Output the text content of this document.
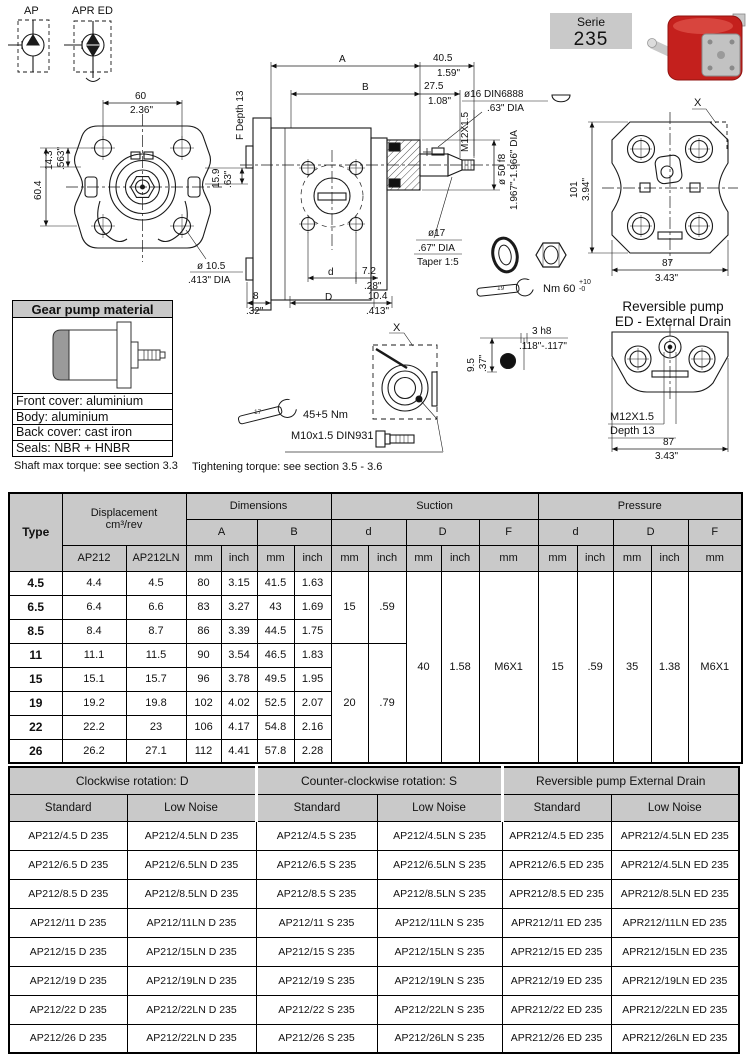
AP	APR ED
60
2.36"
14.3 .563"
60.4
ø 10.5
.413" DIA
15.9 .63"
F Depth 13
A	40.5
1.59"
B	27.5
1.08"
ø16 DIN6888
.63" DIA
M12X1.5
ø 50 f8 1.967"-1.966" DIA
ø17
.67" DIA
Taper 1:5
d	7.2
.28"
D	10.4
.413"
8
.32"
19	Nm 60
+10
-0
X
101 3.94"
87
3.43"
Reversible pump
ED - External Drain
M12X1.5
Depth 13
87
3.43"
X	3 h8
.118"-.117"
9.5 .37"
17	45+5 Nm
M10x1.5 DIN931
Shaft max torque: see section 3.3 Tightening torque: see section 3.5 - 3.6
Serie
235
Gear pump material
Front cover: aluminium
Body: aluminium
Back cover: cast iron
Seals: NBR + HNBR
Type	Displacement
cm³/rev		Dimensions				Suction					Pressure				
			A		B		d		D		F	d		D		F
	AP212	AP212LN	mm	inch	mm	inch	mm	inch	mm	inch	mm	mm	inch	mm	inch	mm
4.5	4.4	4.5	80	3.15	41.5	1.63	15	.59	40	1.58	M6X1	15	.59	35	1.38	M6X1
6.5	6.4	6.6	83	3.27	43	1.69										
8.5	8.4	8.7	86	3.39	44.5	1.75										
11	11.1	11.5	90	3.54	46.5	1.83	20	.79								
15	15.1	15.7	96	3.78	49.5	1.95										
19	19.2	19.8	102	4.02	52.5	2.07										
22	22.2	23	106	4.17	54.8	2.16										
26	26.2	27.1	112	4.41	57.8	2.28										
Clockwise rotation: D		Counter-clockwise rotation: S		Reversible pump External Drain	
Standard	Low Noise	Standard	Low Noise	Standard	Low Noise
AP212/4.5 D 235	AP212/4.5LN D 235	AP212/4.5 S 235	AP212/4.5LN S 235	APR212/4.5 ED 235	APR212/4.5LN ED 235
AP212/6.5 D 235	AP212/6.5LN D 235	AP212/6.5 S 235	AP212/6.5LN S 235	APR212/6.5 ED 235	APR212/4.5LN ED 235
AP212/8.5 D 235	AP212/8.5LN D 235	AP212/8.5 S 235	AP212/8.5LN S 235	APR212/8.5 ED 235	APR212/8.5LN ED 235
AP212/11 D 235	AP212/11LN D 235	AP212/11 S 235	AP212/11LN S 235	APR212/11 ED 235	APR212/11LN ED 235
AP212/15 D 235	AP212/15LN D 235	AP212/15 S 235	AP212/15LN S 235	APR212/15 ED 235	APR212/15LN ED 235
AP212/19 D 235	AP212/19LN D 235	AP212/19 S 235	AP212/19LN S 235	APR212/19 ED 235	APR212/19LN ED 235
AP212/22 D 235	AP212/22LN D 235	AP212/22 S 235	AP212/22LN S 235	APR212/22 ED 235	APR212/22LN ED 235
AP212/26 D 235	AP212/22LN D 235	AP212/26 S 235	AP212/26LN S 235	APR212/26 ED 235	APR212/26LN ED 235
